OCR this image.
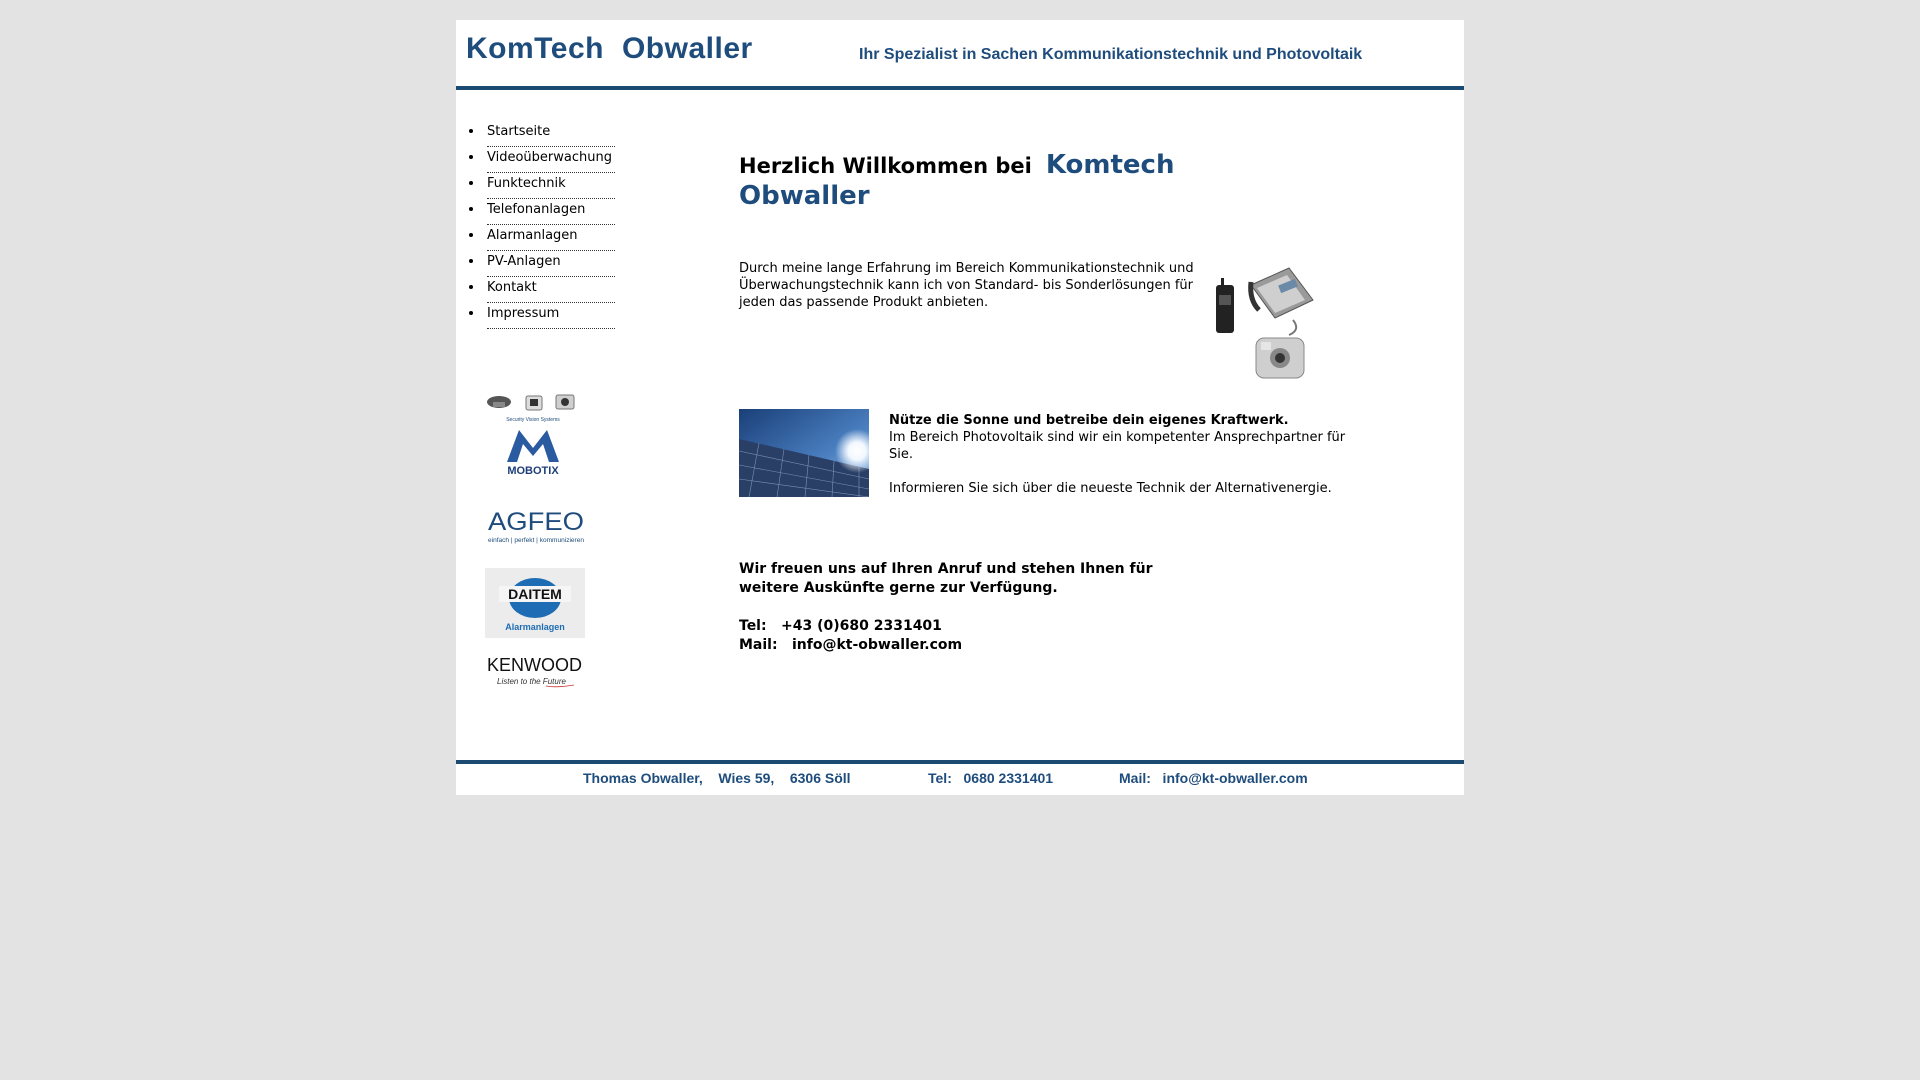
KomTech Obwaller	Ihr Spezialist in Sachen Kommunikationstechnik und Photovoltaik
Startseite
Videoüberwachung
Funktechnik
Telefonanlagen
Alarmanlagen
PV-Anlagen
Kontakt
Impressum
Security Vision Systems
MOBOTIX
AGFEO
einfach | perfekt | kommunizieren
DAITEM
Alarmanlagen
KENWOOD
Listen to the Future
Herzlich Willkommen bei Komtech
Obwaller
Durch meine lange Erfahrung im Bereich Kommunikationstechnik und Überwachungstechnik kann ich von Standard- bis Sonderlösungen für jeden das passende Produkt anbieten.

Nütze die Sonne und betreibe dein eigenes Kraftwerk.

Im Bereich Photovoltaik sind wir ein kompetenter Ansprechpartner für Sie.

Informieren Sie sich über die neueste Technik der Alternativenergie.

Wir freuen uns auf Ihren Anruf und stehen Ihnen für weitere Auskünfte gerne zur Verfügung.

Tel: +43 (0)680 2331401

Mail: info@kt-obwaller.com

Thomas Obwaller,    Wies 59,    6306 Söll	Tel:   0680 2331401	Mail:   info@kt-obwaller.com
